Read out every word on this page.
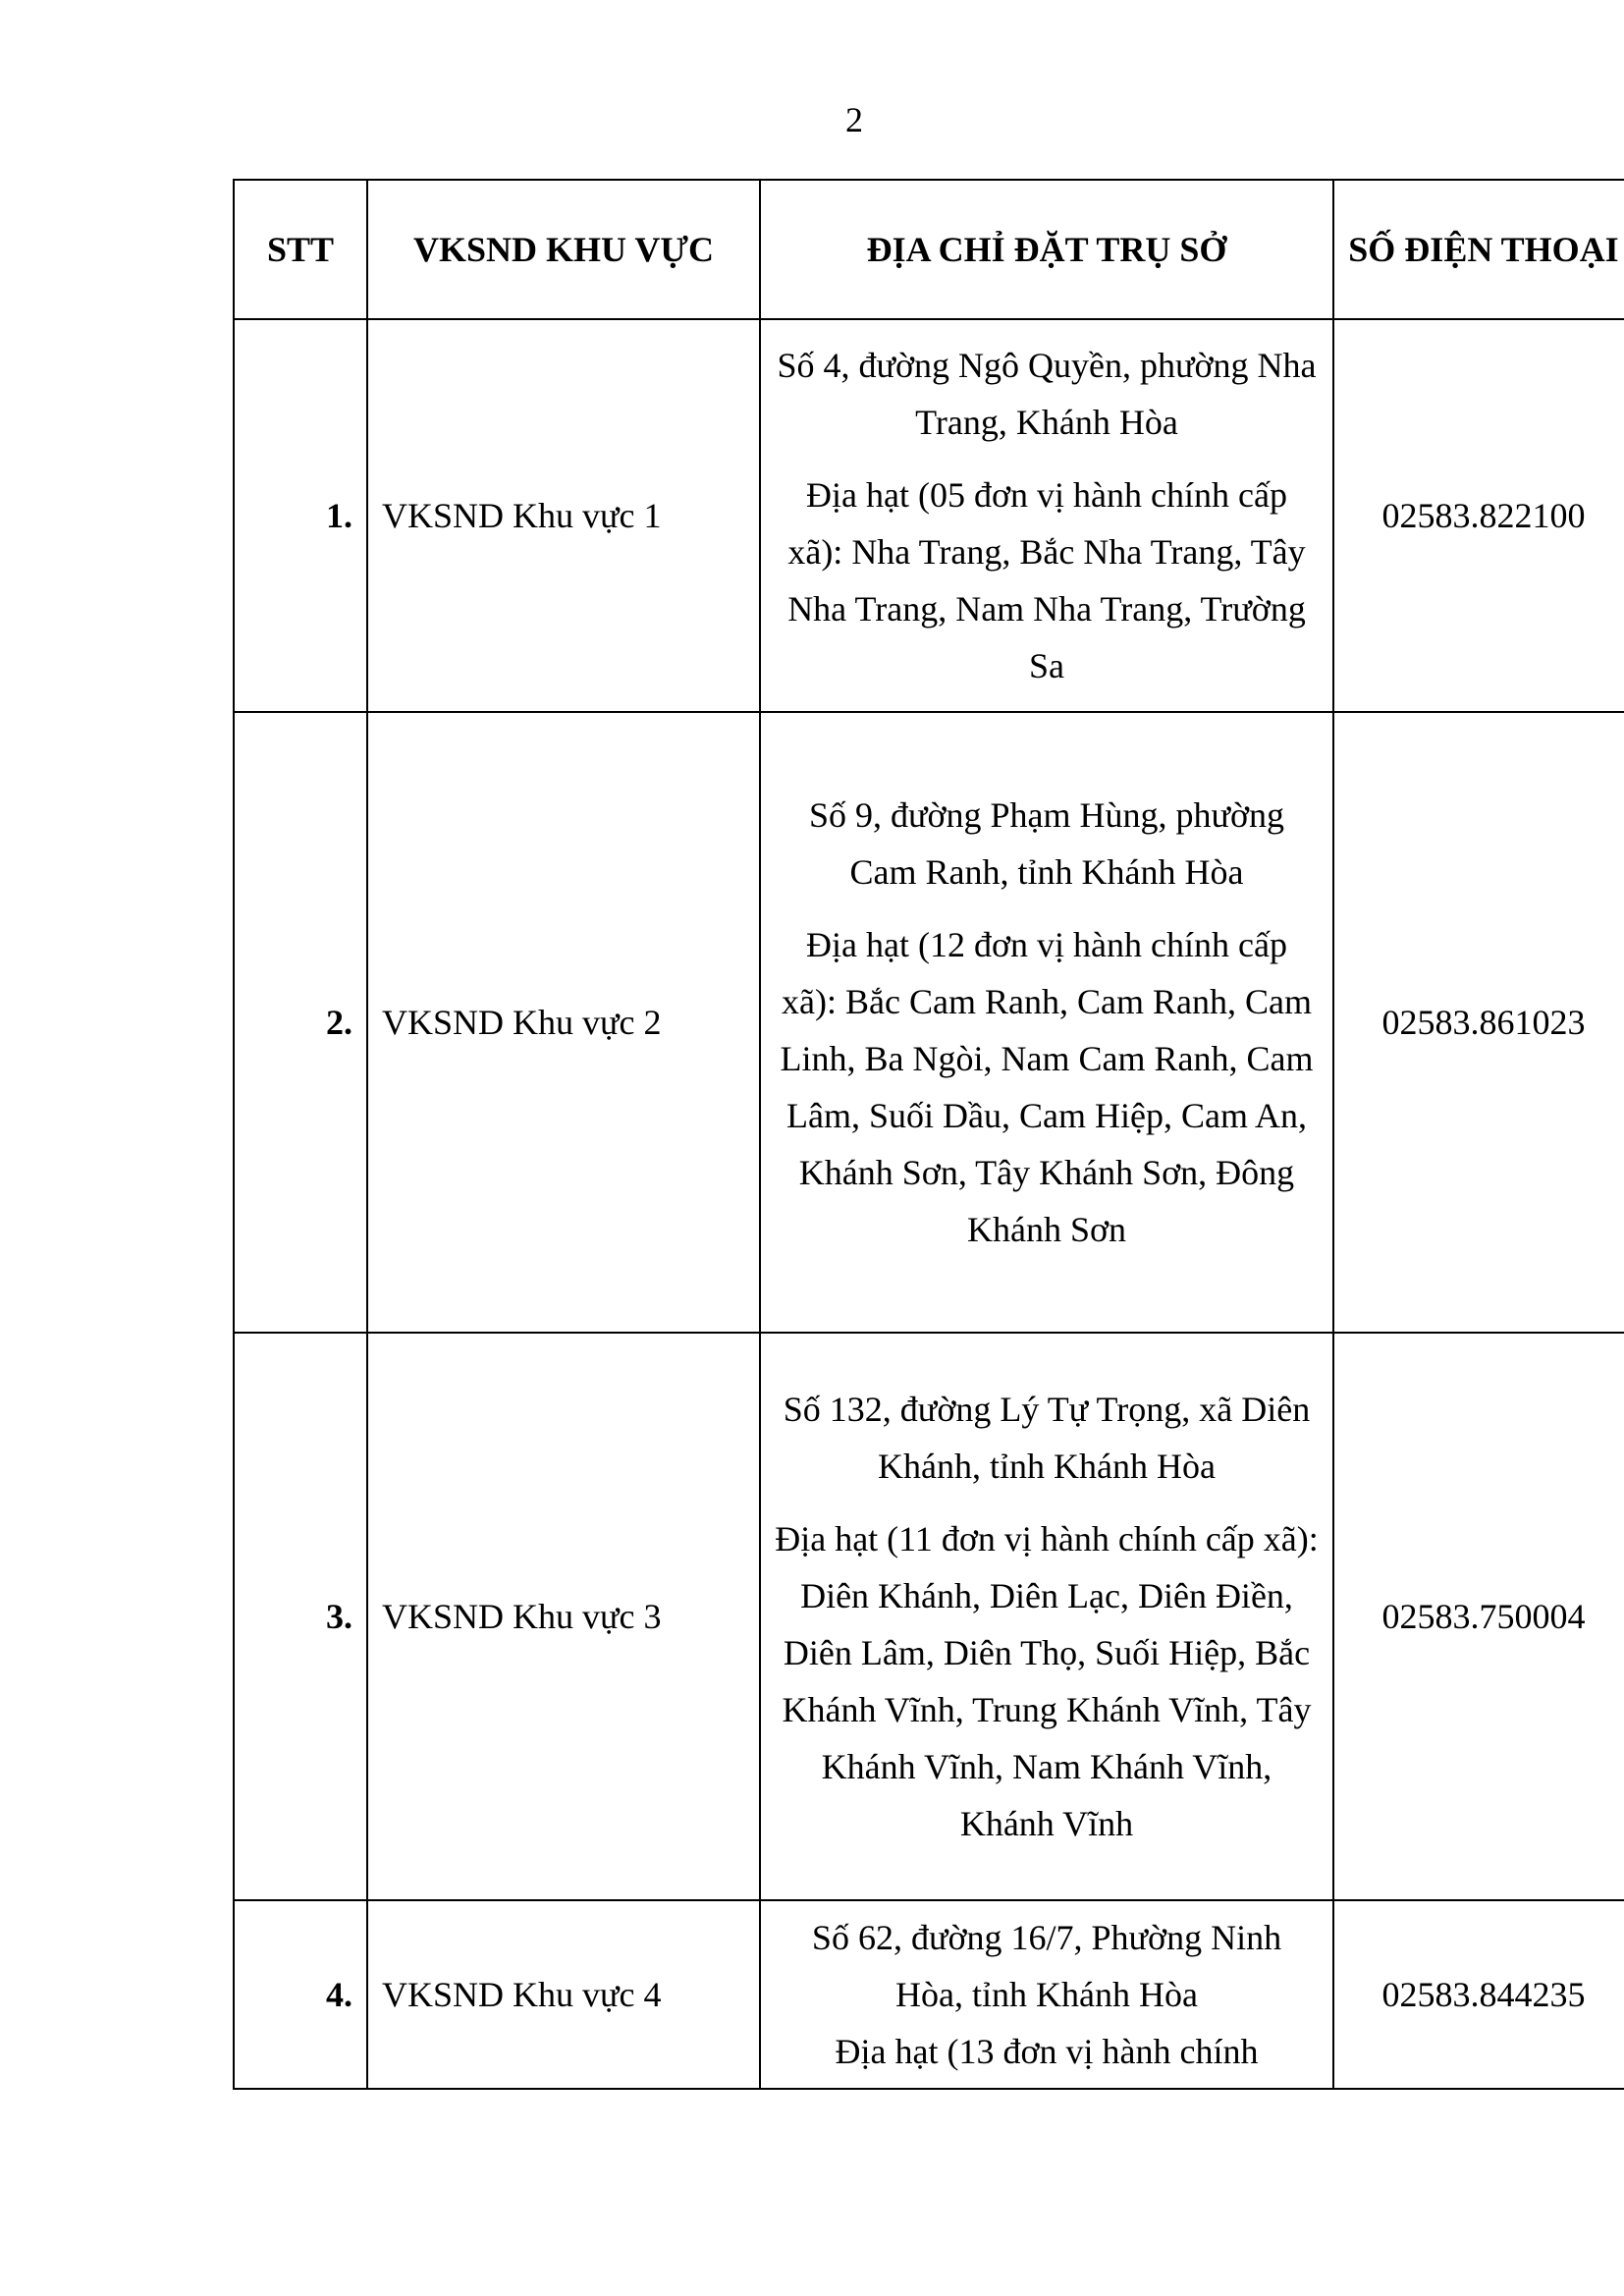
2
STT	VKSND KHU VỰC	ĐỊA CHỈ ĐẶT TRỤ SỞ	SỐ ĐIỆN THOẠI
1.	VKSND Khu vực 1	Số 4, đường Ngô Quyền, phường Nha Trang, Khánh Hòa
Địa hạt (05 đơn vị hành chính cấp xã): Nha Trang, Bắc Nha Trang, Tây Nha Trang, Nam Nha Trang, Trường Sa	02583.822100
2.	VKSND Khu vực 2	Số 9, đường Phạm Hùng, phường Cam Ranh, tỉnh Khánh Hòa
Địa hạt (12 đơn vị hành chính cấp xã): Bắc Cam Ranh, Cam Ranh, Cam Linh, Ba Ngòi, Nam Cam Ranh, Cam Lâm, Suối Dầu, Cam Hiệp, Cam An, Khánh Sơn, Tây Khánh Sơn, Đông Khánh Sơn	02583.861023
3.	VKSND Khu vực 3	Số 132, đường Lý Tự Trọng, xã Diên Khánh, tỉnh Khánh Hòa
Địa hạt (11 đơn vị hành chính cấp xã): Diên Khánh, Diên Lạc, Diên Điền, Diên Lâm, Diên Thọ, Suối Hiệp, Bắc Khánh Vĩnh, Trung Khánh Vĩnh, Tây Khánh Vĩnh, Nam Khánh Vĩnh, Khánh Vĩnh	02583.750004
4.	VKSND Khu vực 4	Số 62, đường 16/7, Phường Ninh Hòa, tỉnh Khánh Hòa
Địa hạt (13 đơn vị hành chính	02583.844235
